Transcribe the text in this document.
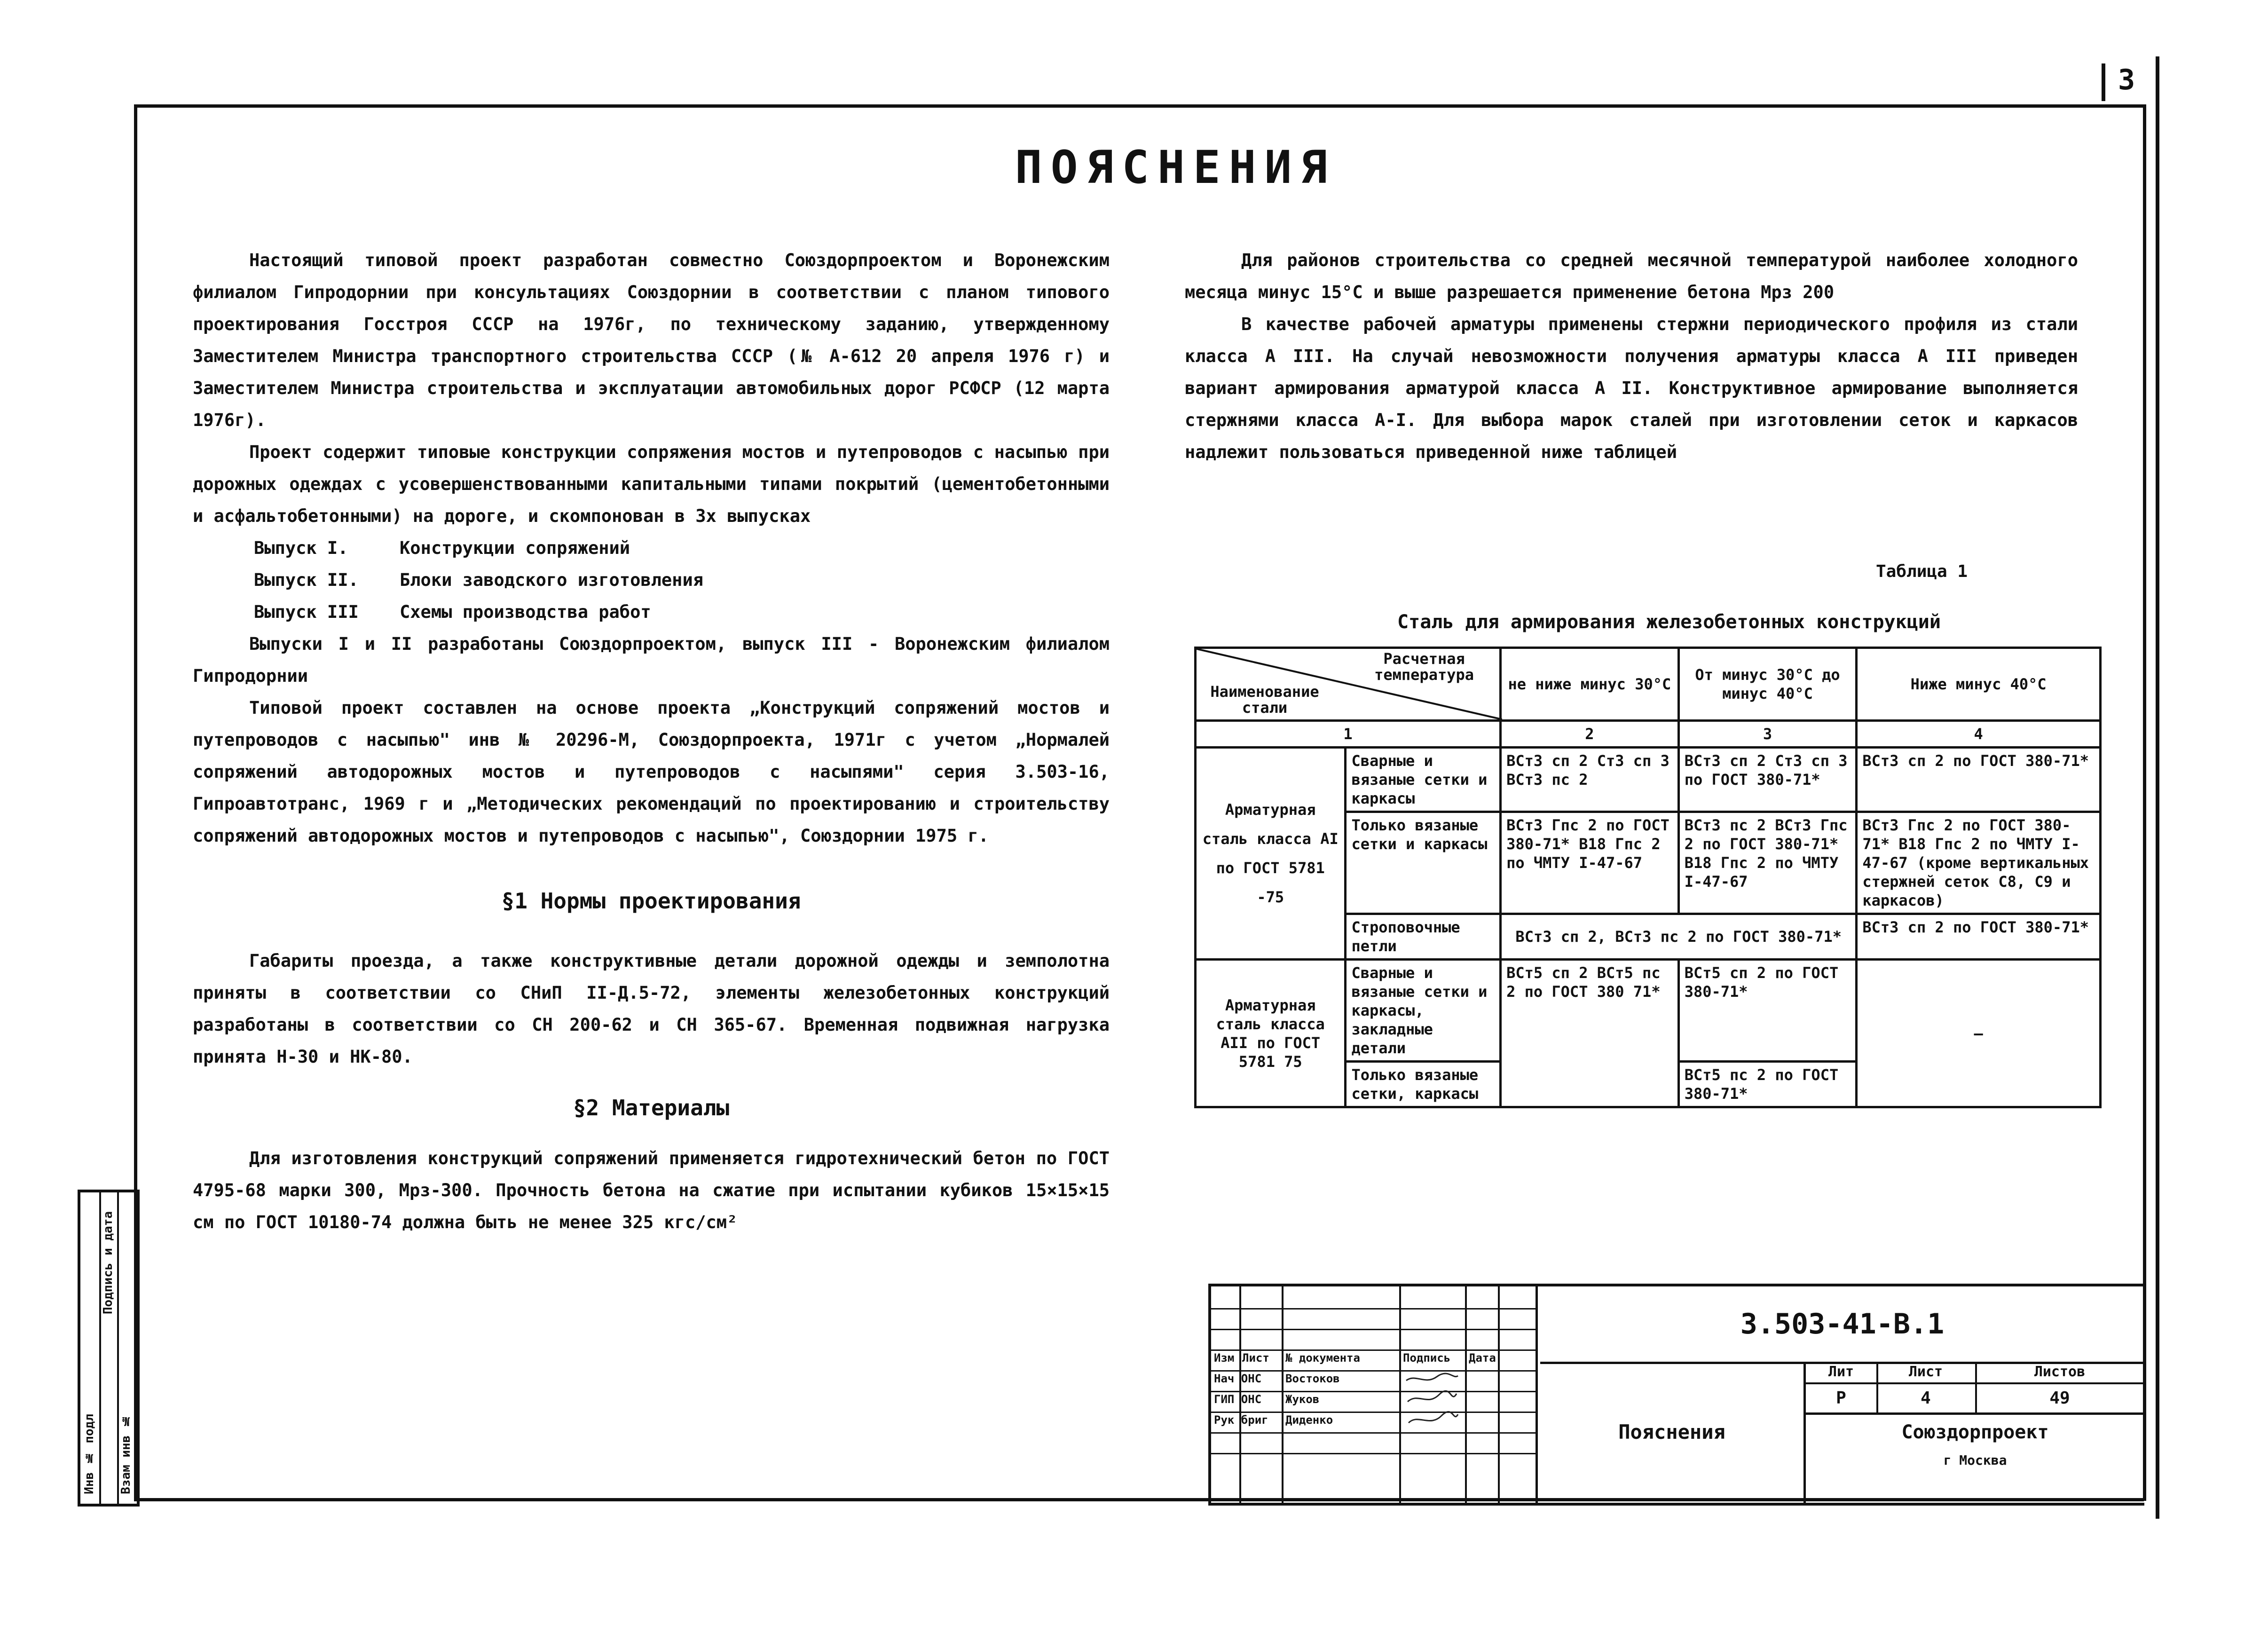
3
Инв № подл
Подпись и дата
Взам инв №
ПОЯСНЕНИЯ

Настоящий типовой проект разработан совместно Союздорпроектом и Воронежским филиалом Гипродорнии при консультациях Союздорнии в соответствии с планом типового проектирования Госстроя СССР на 1976г, по техническому заданию, утвержденному Заместителем Министра транспортного строительства СССР (№ А-612 20 апреля 1976 г) и Заместителем Министра строительства и эксплуатации автомобильных дорог РСФСР (12 марта 1976г).

Проект содержит типовые конструкции сопряжения мостов и путепроводов с насыпью при дорожных одеждах с усовершенствованными капитальными типами покрытий (цементобетонными и асфальтобетонными) на дороге, и скомпонован в 3х выпусках

Выпуск I.	Конструкции сопряжений
Выпуск II. Блоки заводского изготовления
Выпуск III Схемы производства работ

Выпуски I и II разработаны Союздорпроектом, выпуск III - Воронежским филиалом Гипродорнии

Типовой проект составлен на основе проекта „Конструкций сопряжений мостов и путепроводов с насыпью" инв № 20296-М, Союздорпроекта, 1971г с учетом „Нормалей сопряжений автодорожных мостов и путепроводов с насыпями" серия 3.503-16, Гипроавтотранс, 1969 г и „Методических рекомендаций по проектированию и строительству сопряжений автодорожных мостов и путепроводов с насыпью", Союздорнии 1975 г.

§1 Нормы проектирования

Габариты проезда, а также конструктивные детали дорожной одежды и земполотна приняты в соответствии со СНиП II-Д.5-72, элементы железобетонных конструкций разработаны в соответствии со СН 200-62 и СН 365-67. Временная подвижная нагрузка принята Н-30 и НК-80.

§2 Материалы

Для изготовления конструкций сопряжений применяется гидротехнический бетон по ГОСТ 4795-68 марки 300, Мрз-300. Прочность бетона на сжатие при испытании кубиков 15×15×15 см по ГОСТ 10180-74 должна быть не менее 325 кгс/см²

Для районов строительства со средней месячной температурой наиболее холодного месяца минус 15°С и выше разрешается применение бетона Мрз 200

В качестве рабочей арматуры применены стержни периодического профиля из стали класса А III. На случай невозможности получения арматуры класса А III приведен вариант армирования арматурой класса А II. Конструктивное армирование выполняется стержнями класса А-I. Для выбора марок сталей при изготовлении сеток и каркасов надлежит пользоваться приведенной ниже таблицей

Таблица 1
Сталь для армирования железобетонных конструкций
Расчетная температура
Наименование стали		не ниже минус 30°С	От минус 30°С до минус 40°С	Ниже минус 40°С
1		2	3	4
Арматурная сталь класса АI по ГОСТ 5781 -75	Сварные и вязаные сетки и каркасы	ВСт3 сп 2 Ст3 сп 3 ВСт3 пс 2	ВСт3 сп 2 Ст3 сп 3 по ГОСТ 380-71*	ВСт3 сп 2 по ГОСТ 380-71*
	Только вязаные сетки и каркасы	ВСт3 Гпс 2 по ГОСТ 380-71* В18 Гпс 2 по ЧМТУ I-47-67	ВСт3 пс 2 ВСт3 Гпс 2 по ГОСТ 380-71* В18 Гпс 2 по ЧМТУ I-47-67	ВСт3 Гпс 2 по ГОСТ 380-71* В18 Гпс 2 по ЧМТУ I-47-67 (кроме вертикальных стержней сеток С8, С9 и каркасов)
	Строповочные петли	ВСт3 сп 2, ВСт3 пс 2 по ГОСТ 380-71*		ВСт3 сп 2 по ГОСТ 380-71*
Арматурная сталь класса АII по ГОСТ 5781 75	Сварные и вязаные сетки и каркасы, закладные детали	ВСт5 сп 2 ВСт5 пс 2 по ГОСТ 380 71*	ВСт5 сп 2 по ГОСТ 380-71*	—
	Только вязаные сетки, каркасы		ВСт5 пс 2 по ГОСТ 380-71*	
Изм Лист № документа	Подпись Дата
Нач ОНС Востоков
ГИП ОНС Жуков
Рук бриг Диденко
3.503-41-В.1
Пояснения
Лит	Лист	Листов
Р	4	49
Союздорпроект
г Москва
